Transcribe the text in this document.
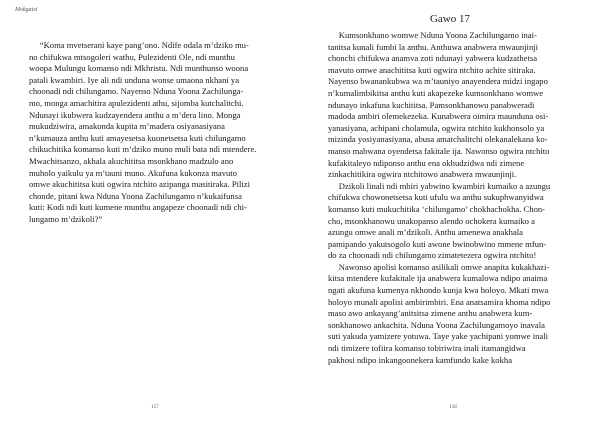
Mokgatsi

“Koma mvetserani kaye pang’ono. Ndife odala m’dziko mu-
no chifukwa mtsogoleri wathu, Pulezidenti Ole, ndi munthu
woopa Mulungu komanso ndi Mkhristu. Ndi munthunso woona
patali kwambiri. Iye ali ndi unduna wonse umaona nkhani ya
choonadi ndi chilungamo. Nayenso Nduna Yoona Zachilunga-
mo, monga amachitira apulezidenti athu, sijomba kutchalitchi.
Ndunayi ikubwera kudzayendera anthu a m’dera lino. Monga
mukudziwira, amakonda kupita m’madera osiyanasiyana
n’kumauza anthu kuti amayesetsa kuonetsetsa kuti chilungamo
chikuchitika komanso kuti m’dziko muno muli bata ndi mtendere.
Mwachitsanzo, akhala akuchititsa msonkhano madzulo ano
muholo yaikulu ya m’tauni muno. Akufuna kukonza mavuto
omwe akuchititsa kuti ogwira ntchito azipanga masitiraka. Pilizi
chonde, pitani kwa Nduna Yoona Zachilungamo n’kukaifunsa
kuti: Kodi ndi kuti kumene munthu angapeze choonadi ndi chi-
lungamo m’dzikoli?”

157
Gawo 17

Kumsonkhano womwe Nduna Yoona Zachilungamo inai-
tanitsa kunali fumbi la anthu. Anthuwa anabwera mwaunjinji
chonchi chifukwa anamva zoti ndunayi yabwera kudzathetsa
mavuto omwe anachititsa kuti ogwira ntchito achite sitiraka.
Nayenso bwanankubwa wa m’tauniyo anayendera midzi ingapo
n’kumalimbikitsa anthu kuti akapezeke kumsonkhano womwe
ndunayo inkafuna kuchititsa. Pamsonkhanowu panabweradi
madoda ambiri olemekezeka. Kunabwera oimira maunduna osi-
yanasiyana, achipani cholamula, ogwira ntchito kukhonsolo ya
mizinda yosiyanasiyana, abusa amatchalitchi olekanalekana ko-
manso mabwana oyendetsa fakitale ija. Nawonso ogwira ntchito
kufakitaleyo ndiponso anthu ena okhudzidwa ndi zimene
zinkachitikira ogwira ntchitowo anabwera mwaunjinji.
Dzikoli linali ndi mbiri yabwino kwambiri kumaiko a azungu
chifukwa chowonetsetsa kuti ufulu wa anthu sukuphwanyidwa
komanso kuti mukuchitika ‘chilungamo’ chokhachokha. Chon-
cho, msonkhanowu unakopanso alendo ochokera kumaiko a
azungu omwe anali m’dzikoli. Anthu amenewa anakhala
pamipando yakutsogolo kuti awone bwinobwino mmene mfun-
do za choonadi ndi chilungamo zimatetezera ogwira ntchito!
Nawonso apolisi komanso asilikali omwe anapita kukakhazi-
kitsa mtendere kufakitale ija anabwera kumalowa ndipo anaima
ngati akufuna kumenya nkhondo kunja kwa holoyo. Mkati mwa
holoyo munali apolisi ambirimbiri. Ena anatsamira khoma ndipo
maso awo ankayang’anitsitsa zimene anthu anabwera kum-
sonkhanowo ankachita. Nduna Yoona Zachilungamoyo inavala
suti yakuda yamizere yotuwa. Taye yake yachipani yomwe inali
ndi timizere tofiira komanso tobiriwira inali itamangidwa
pakhosi ndipo inkangoonekera kamfundo kake kokha

158
